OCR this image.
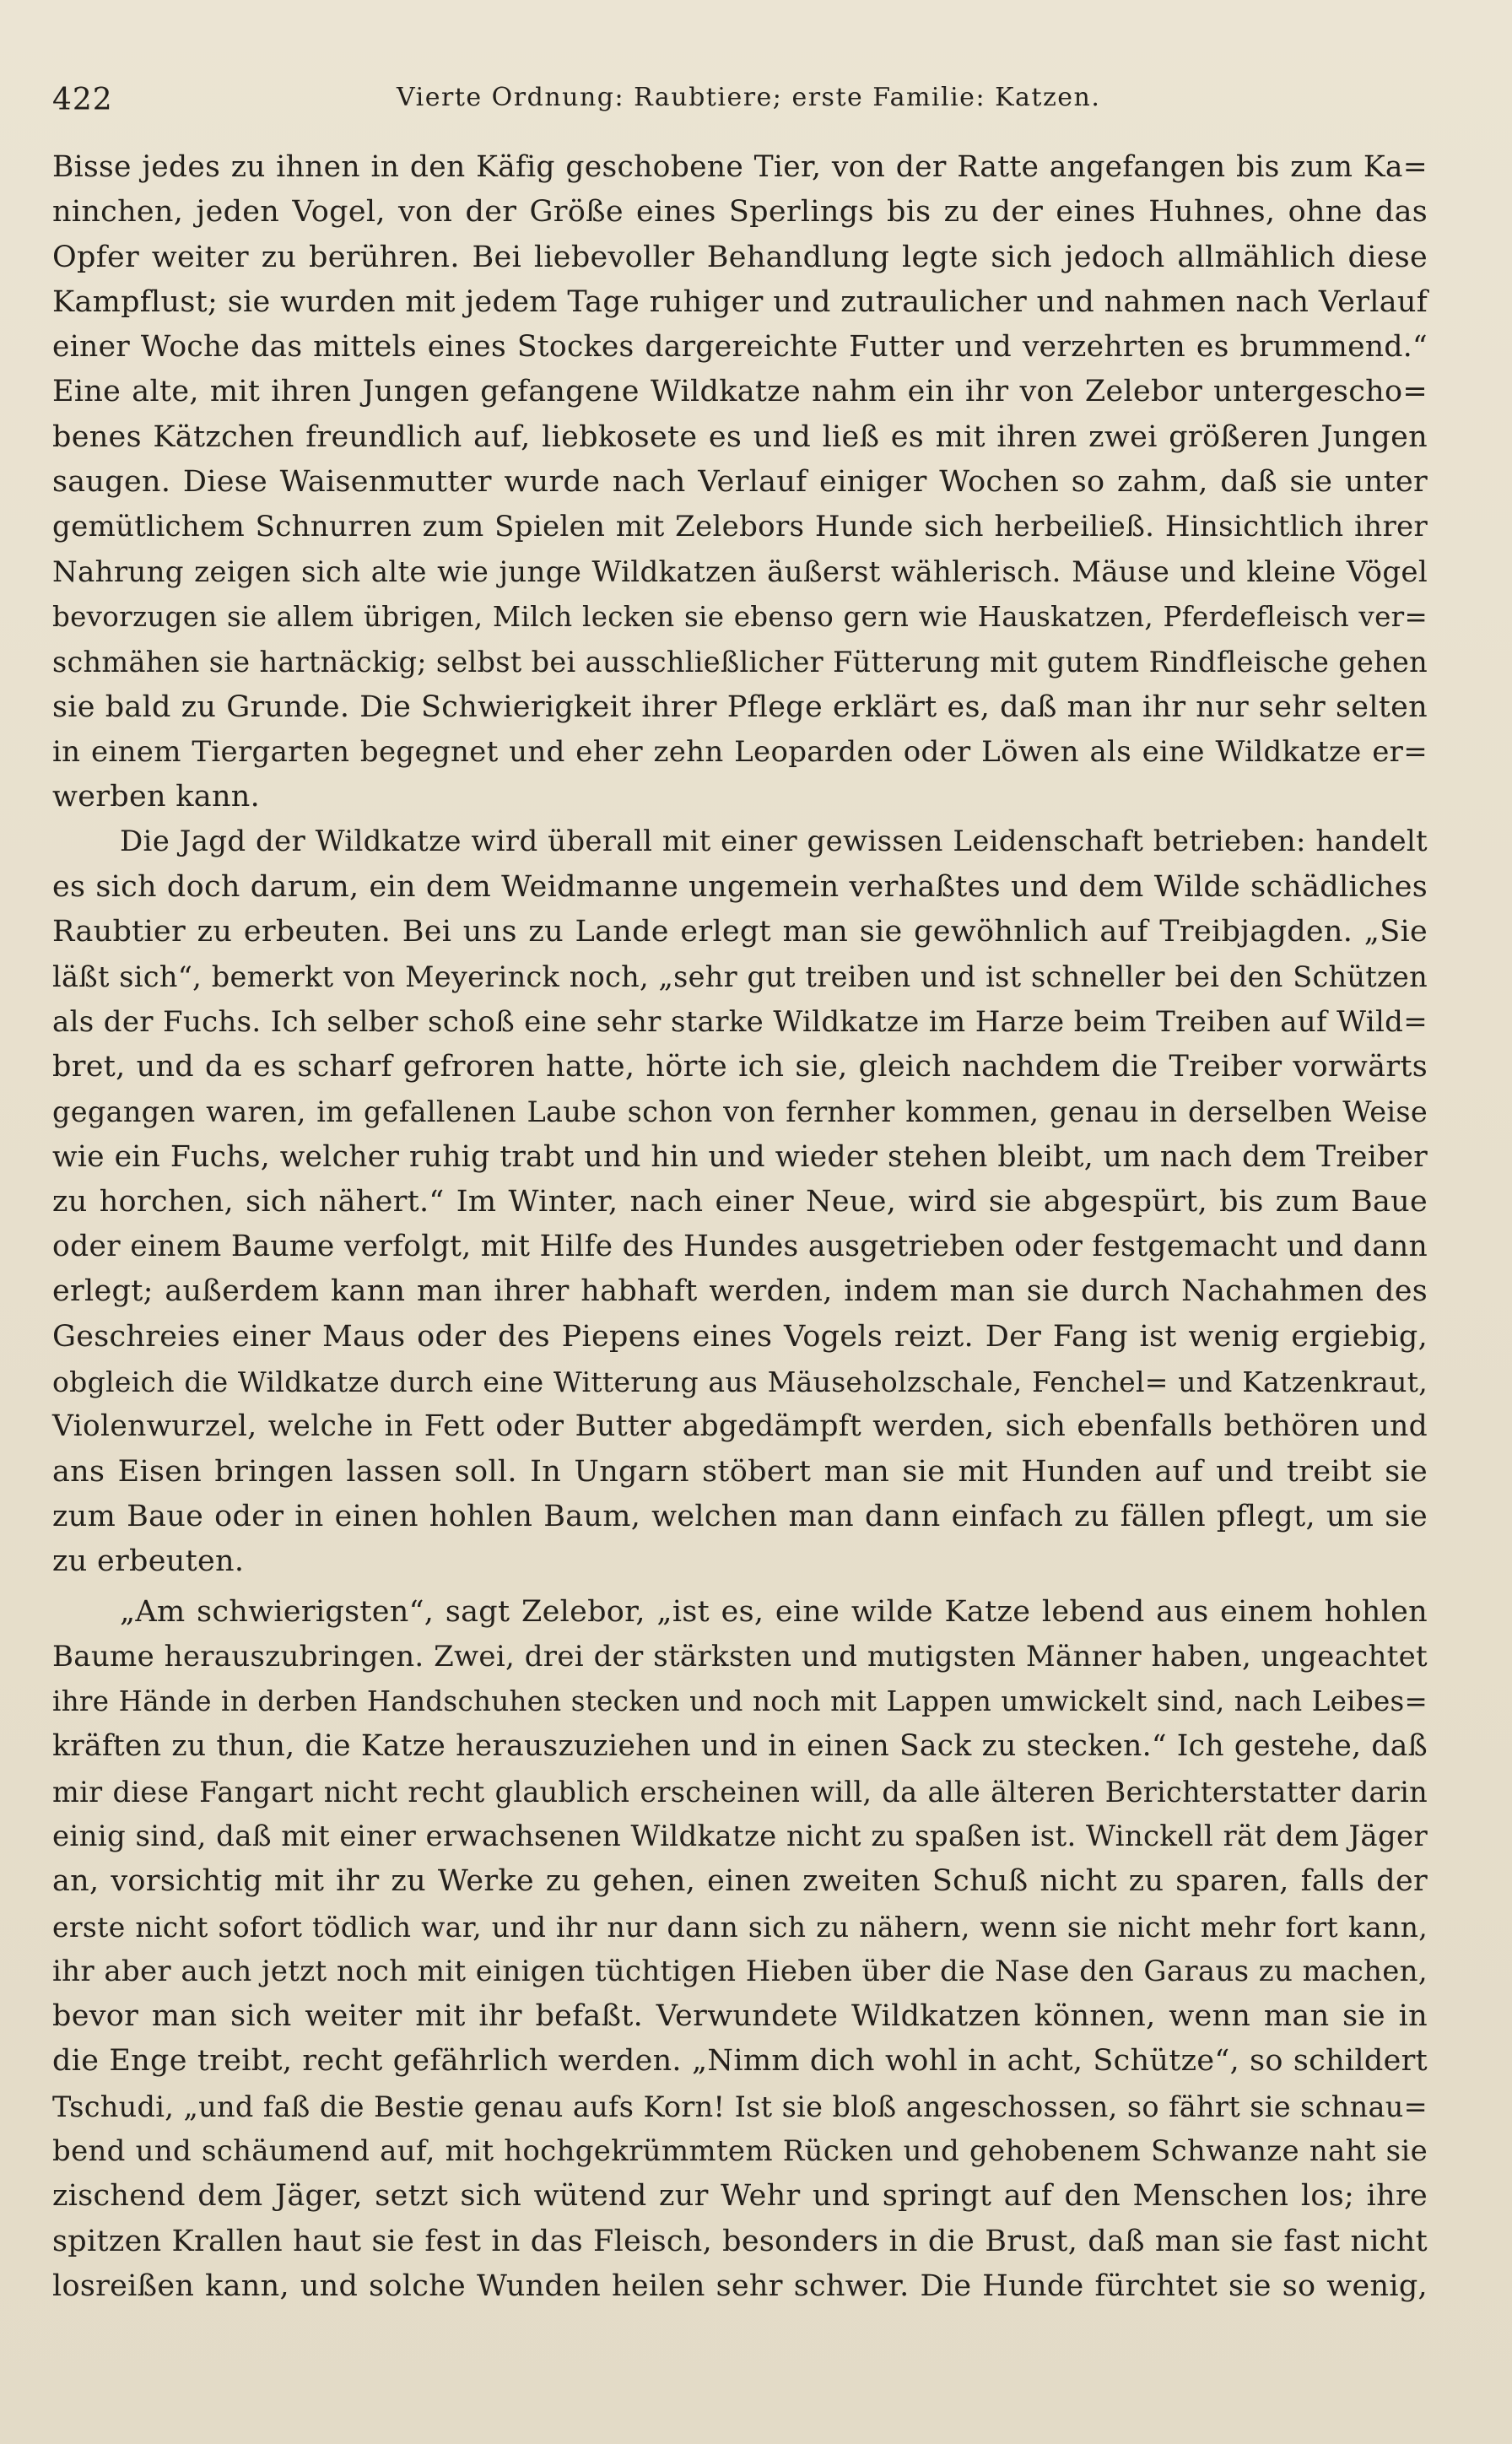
422	Vierte Ordnung: Raubtiere; erste Familie: Katzen.
Bisse jedes zu ihnen in den Käfig geschobene Tier, von der Ratte angefangen bis zum Ka=
ninchen, jeden Vogel, von der Größe eines Sperlings bis zu der eines Huhnes, ohne das
Opfer weiter zu berühren. Bei liebevoller Behandlung legte sich jedoch allmählich diese
Kampflust; sie wurden mit jedem Tage ruhiger und zutraulicher und nahmen nach Verlauf
einer Woche das mittels eines Stockes dargereichte Futter und verzehrten es brummend.“
Eine alte, mit ihren Jungen gefangene Wildkatze nahm ein ihr von Zelebor untergescho=
benes Kätzchen freundlich auf, liebkosete es und ließ es mit ihren zwei größeren Jungen
saugen. Diese Waisenmutter wurde nach Verlauf einiger Wochen so zahm, daß sie unter
gemütlichem Schnurren zum Spielen mit Zelebors Hunde sich herbeiließ. Hinsichtlich ihrer
Nahrung zeigen sich alte wie junge Wildkatzen äußerst wählerisch. Mäuse und kleine Vögel
bevorzugen sie allem übrigen, Milch lecken sie ebenso gern wie Hauskatzen, Pferdefleisch ver=
schmähen sie hartnäckig; selbst bei ausschließlicher Fütterung mit gutem Rindfleische gehen
sie bald zu Grunde. Die Schwierigkeit ihrer Pflege erklärt es, daß man ihr nur sehr selten
in einem Tiergarten begegnet und eher zehn Leoparden oder Löwen als eine Wildkatze er=
werben kann.
Die Jagd der Wildkatze wird überall mit einer gewissen Leidenschaft betrieben: handelt
es sich doch darum, ein dem Weidmanne ungemein verhaßtes und dem Wilde schädliches
Raubtier zu erbeuten. Bei uns zu Lande erlegt man sie gewöhnlich auf Treibjagden. „Sie
läßt sich“, bemerkt von Meyerinck noch, „sehr gut treiben und ist schneller bei den Schützen
als der Fuchs. Ich selber schoß eine sehr starke Wildkatze im Harze beim Treiben auf Wild=
bret, und da es scharf gefroren hatte, hörte ich sie, gleich nachdem die Treiber vorwärts
gegangen waren, im gefallenen Laube schon von fernher kommen, genau in derselben Weise
wie ein Fuchs, welcher ruhig trabt und hin und wieder stehen bleibt, um nach dem Treiber
zu horchen, sich nähert.“ Im Winter, nach einer Neue, wird sie abgespürt, bis zum Baue
oder einem Baume verfolgt, mit Hilfe des Hundes ausgetrieben oder festgemacht und dann
erlegt; außerdem kann man ihrer habhaft werden, indem man sie durch Nachahmen des
Geschreies einer Maus oder des Piepens eines Vogels reizt. Der Fang ist wenig ergiebig,
obgleich die Wildkatze durch eine Witterung aus Mäuseholzschale, Fenchel= und Katzenkraut,
Violenwurzel, welche in Fett oder Butter abgedämpft werden, sich ebenfalls bethören und
ans Eisen bringen lassen soll. In Ungarn stöbert man sie mit Hunden auf und treibt sie
zum Baue oder in einen hohlen Baum, welchen man dann einfach zu fällen pflegt, um sie
zu erbeuten.
„Am schwierigsten“, sagt Zelebor, „ist es, eine wilde Katze lebend aus einem hohlen
Baume herauszubringen. Zwei, drei der stärksten und mutigsten Männer haben, ungeachtet
ihre Hände in derben Handschuhen stecken und noch mit Lappen umwickelt sind, nach Leibes=
kräften zu thun, die Katze herauszuziehen und in einen Sack zu stecken.“ Ich gestehe, daß
mir diese Fangart nicht recht glaublich erscheinen will, da alle älteren Berichterstatter darin
einig sind, daß mit einer erwachsenen Wildkatze nicht zu spaßen ist. Winckell rät dem Jäger
an, vorsichtig mit ihr zu Werke zu gehen, einen zweiten Schuß nicht zu sparen, falls der
erste nicht sofort tödlich war, und ihr nur dann sich zu nähern, wenn sie nicht mehr fort kann,
ihr aber auch jetzt noch mit einigen tüchtigen Hieben über die Nase den Garaus zu machen,
bevor man sich weiter mit ihr befaßt. Verwundete Wildkatzen können, wenn man sie in
die Enge treibt, recht gefährlich werden. „Nimm dich wohl in acht, Schütze“, so schildert
Tschudi, „und faß die Bestie genau aufs Korn! Ist sie bloß angeschossen, so fährt sie schnau=
bend und schäumend auf, mit hochgekrümmtem Rücken und gehobenem Schwanze naht sie
zischend dem Jäger, setzt sich wütend zur Wehr und springt auf den Menschen los; ihre
spitzen Krallen haut sie fest in das Fleisch, besonders in die Brust, daß man sie fast nicht
losreißen kann, und solche Wunden heilen sehr schwer. Die Hunde fürchtet sie so wenig,
